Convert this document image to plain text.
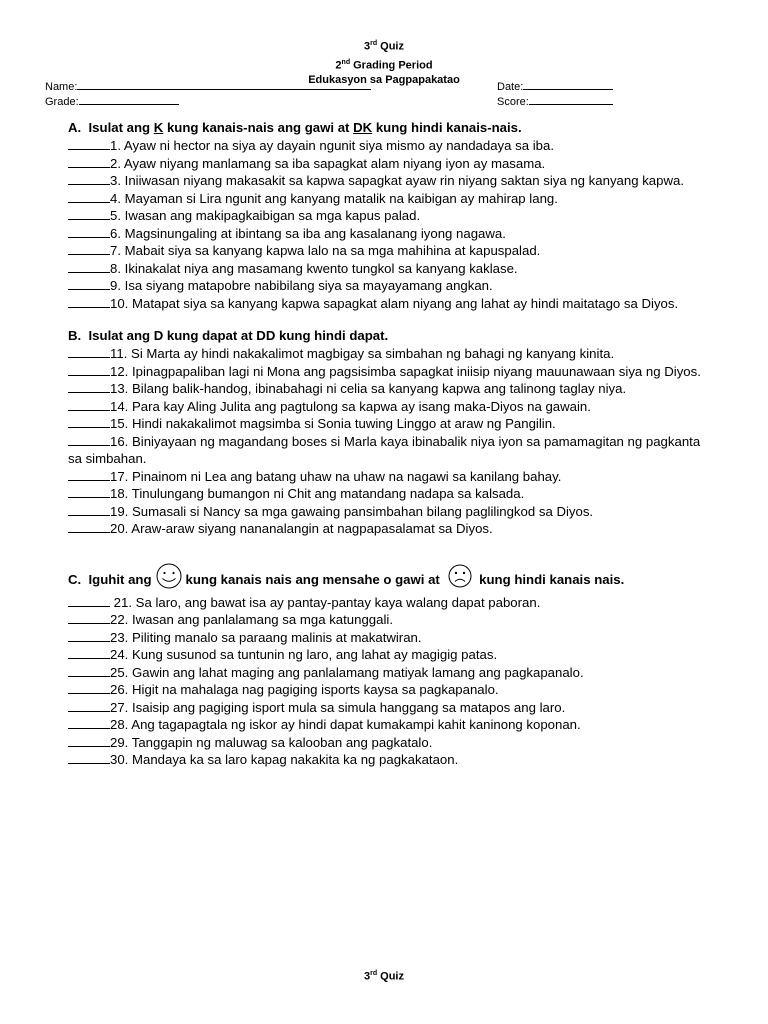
3rd Quiz
2nd Grading Period
Edukasyon sa Pagpapakatao
Name:	Date:
Grade:	Score:
A. Isulat ang K kung kanais-nais ang gawi at DK kung hindi kanais-nais.
1. Ayaw ni hector na siya ay dayain ngunit siya mismo ay nandadaya sa iba.
2. Ayaw niyang manlamang sa iba sapagkat alam niyang iyon ay masama.
3. Iniiwasan niyang makasakit sa kapwa sapagkat ayaw rin niyang saktan siya ng kanyang kapwa.
4. Mayaman si Lira ngunit ang kanyang matalik na kaibigan ay mahirap lang.
5. Iwasan ang makipagkaibigan sa mga kapus palad.
6. Magsinungaling at ibintang sa iba ang kasalanang iyong nagawa.
7. Mabait siya sa kanyang kapwa lalo na sa mga mahihina at kapuspalad.
8. Ikinakalat niya ang masamang kwento tungkol sa kanyang kaklase.
9. Isa siyang matapobre nabibilang siya sa mayayamang angkan.
10. Matapat siya sa kanyang kapwa sapagkat alam niyang ang lahat ay hindi maitatago sa Diyos.
B. Isulat ang D kung dapat at DD kung hindi dapat.
11. Si Marta ay hindi nakakalimot magbigay sa simbahan ng bahagi ng kanyang kinita.
12. Ipinagpapaliban lagi ni Mona ang pagsisimba sapagkat iniisip niyang mauunawaan siya ng Diyos.
13. Bilang balik-handog, ibinabahagi ni celia sa kanyang kapwa ang talinong taglay niya.
14. Para kay Aling Julita ang pagtulong sa kapwa ay isang maka-Diyos na gawain.
15. Hindi nakakalimot magsimba si Sonia tuwing Linggo at araw ng Pangilin.
16. Biniyayaan ng magandang boses si Marla kaya ibinabalik niya iyon sa pamamagitan ng pagkanta sa simbahan.
17. Pinainom ni Lea ang batang uhaw na uhaw na nagawi sa kanilang bahay.
18. Tinulungang bumangon ni Chit ang matandang nadapa sa kalsada.
19. Sumasali si Nancy sa mga gawaing pansimbahan bilang paglilingkod sa Diyos.
20. Araw-araw siyang nananalangin at nagpapasalamat sa Diyos.
C. Iguhit ang	kung kanais nais ang mensahe o gawi at	kung hindi kanais nais.
21. Sa laro, ang bawat isa ay pantay-pantay kaya walang dapat paboran.
22. Iwasan ang panlalamang sa mga katunggali.
23. Piliting manalo sa paraang malinis at makatwiran.
24. Kung susunod sa tuntunin ng laro, ang lahat ay magigig patas.
25. Gawin ang lahat maging ang panlalamang matiyak lamang ang pagkapanalo.
26. Higit na mahalaga nag pagiging isports kaysa sa pagkapanalo.
27. Isaisip ang pagiging isport mula sa simula hanggang sa matapos ang laro.
28. Ang tagapagtala ng iskor ay hindi dapat kumakampi kahit kaninong koponan.
29. Tanggapin ng maluwag sa kalooban ang pagkatalo.
30. Mandaya ka sa laro kapag nakakita ka ng pagkakataon.
3rd Quiz
